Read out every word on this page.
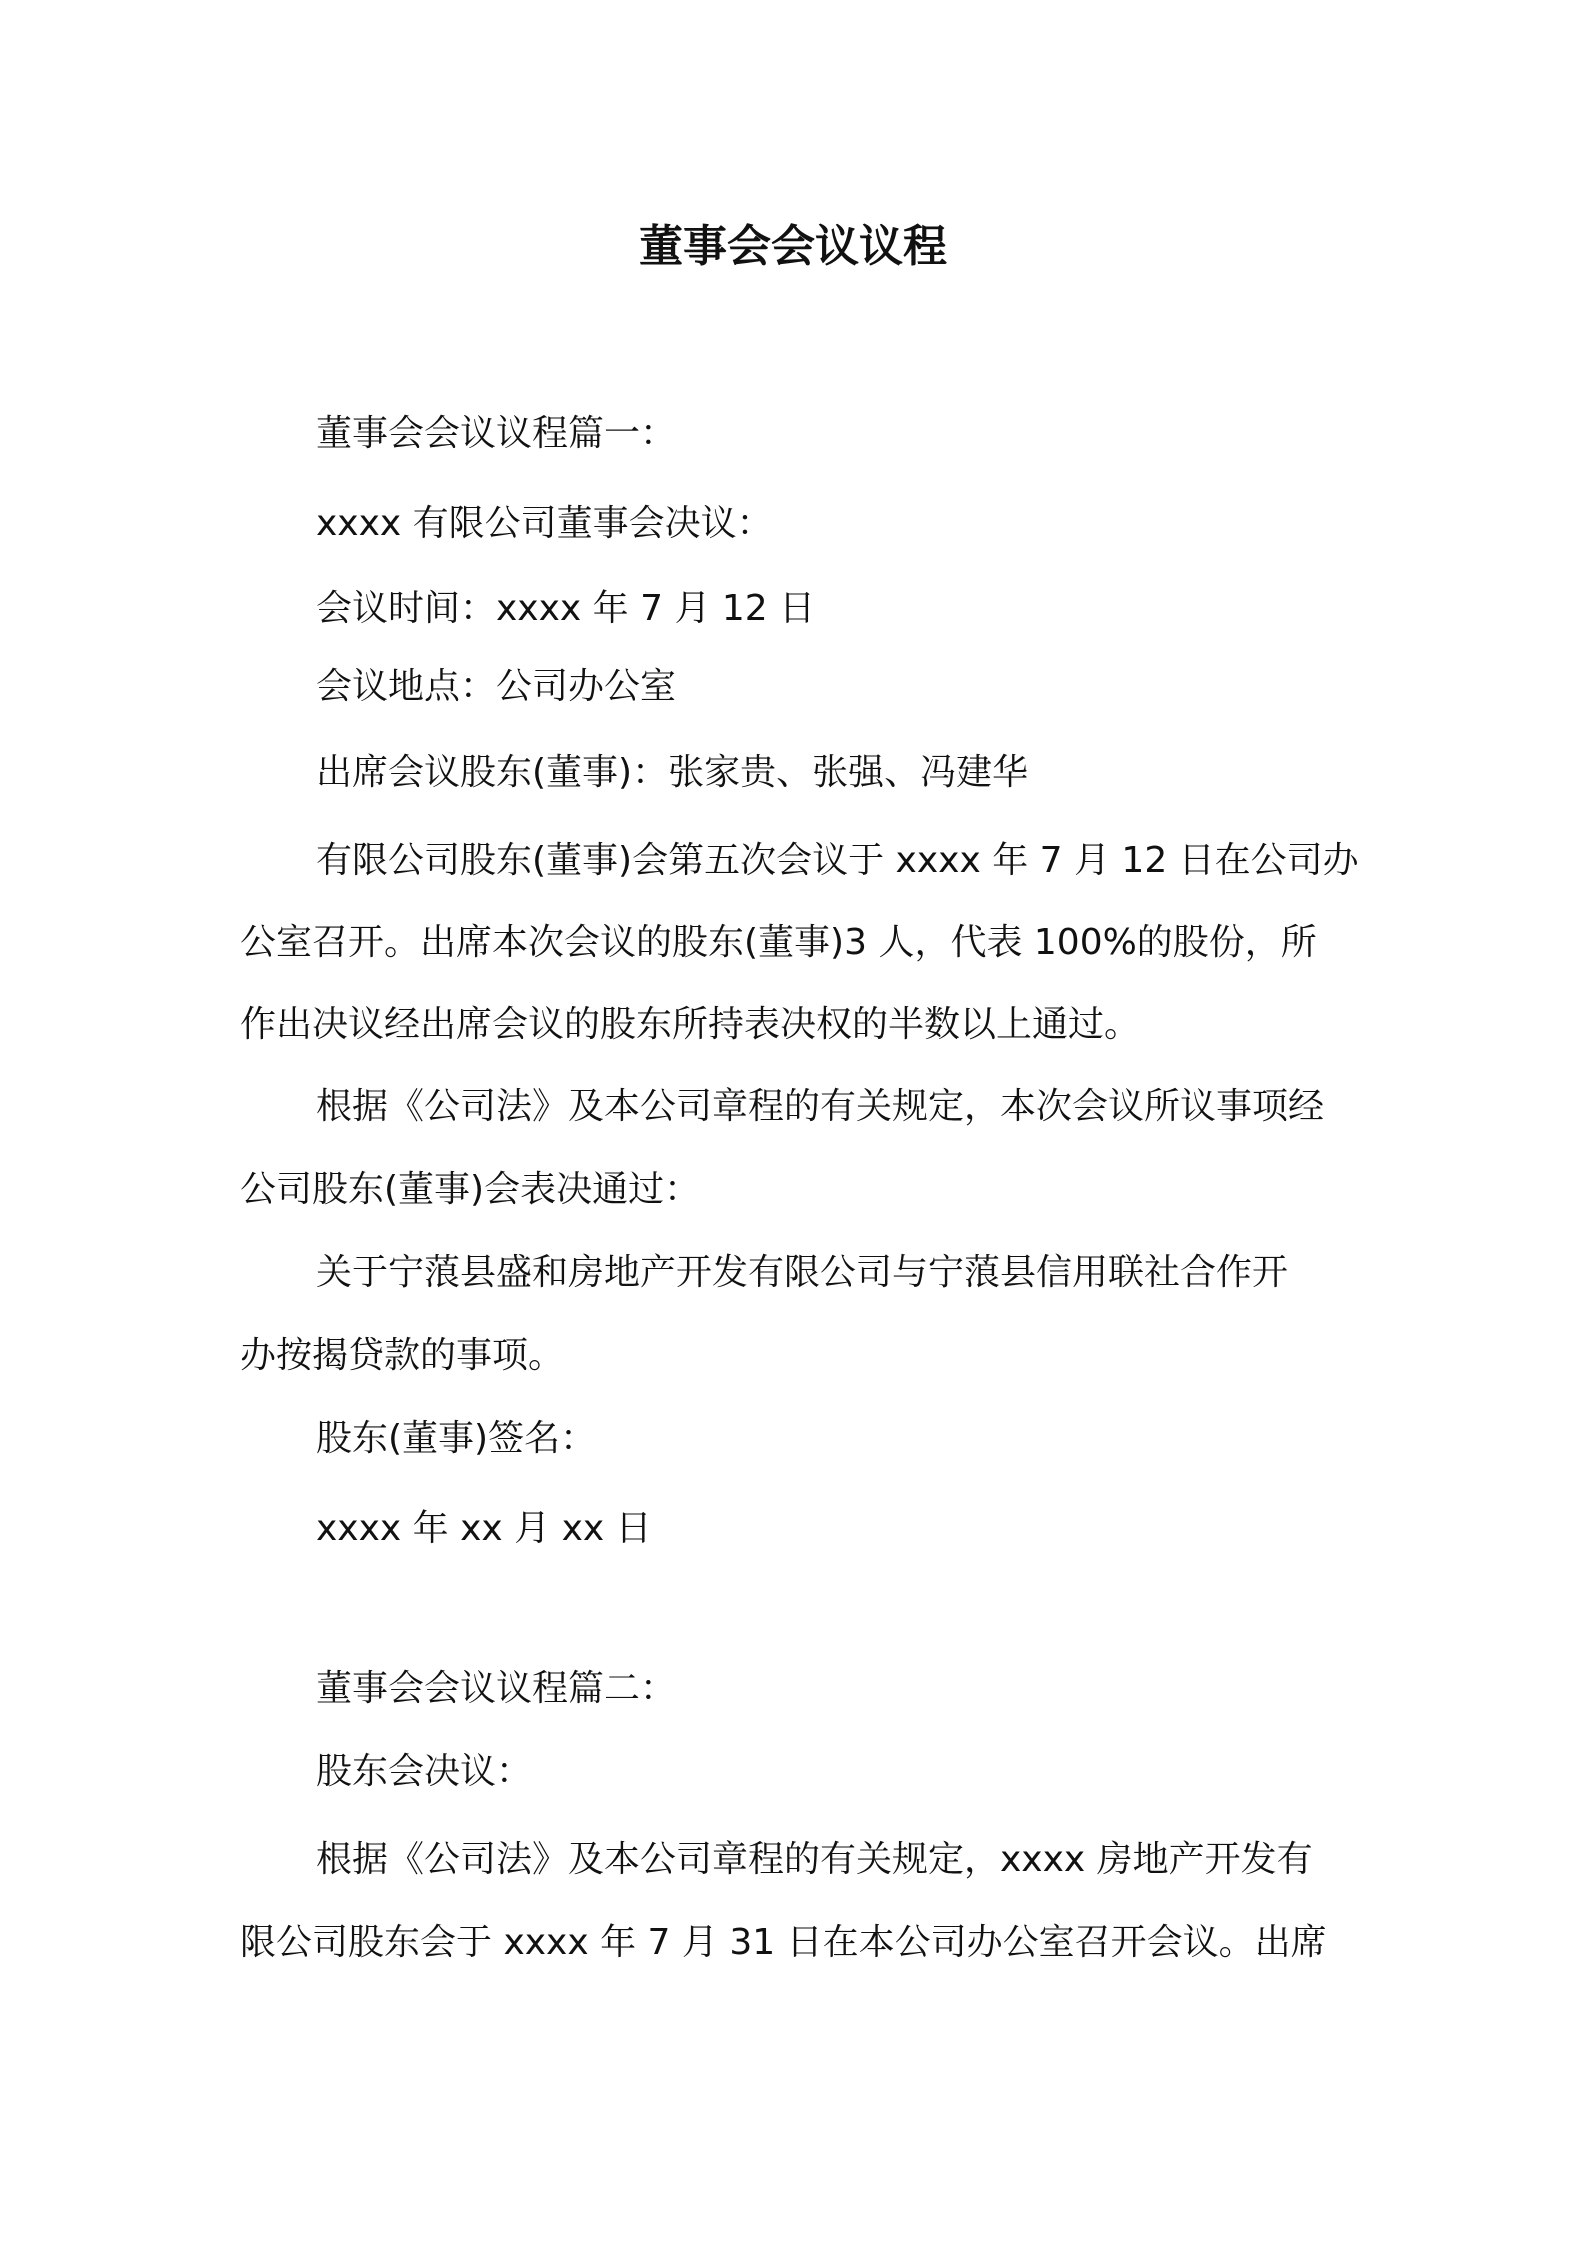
董事会会议议程

董事会会议议程篇一：

xxxx 有限公司董事会决议：

会议时间：xxxx 年 7 月 12 日

会议地点：公司办公室

出席会议股东(董事)：张家贵、张强、冯建华

有限公司股东(董事)会第五次会议于 xxxx 年 7 月 12 日在公司办

公室召开。出席本次会议的股东(董事)3 人，代表 100%的股份，所

作出决议经出席会议的股东所持表决权的半数以上通过。

根据《公司法》及本公司章程的有关规定，本次会议所议事项经

公司股东(董事)会表决通过：

关于宁蒗县盛和房地产开发有限公司与宁蒗县信用联社合作开

办按揭贷款的事项。

股东(董事)签名：

xxxx 年 xx 月 xx 日

董事会会议议程篇二：

股东会决议：

根据《公司法》及本公司章程的有关规定，xxxx 房地产开发有

限公司股东会于 xxxx 年 7 月 31 日在本公司办公室召开会议。出席
